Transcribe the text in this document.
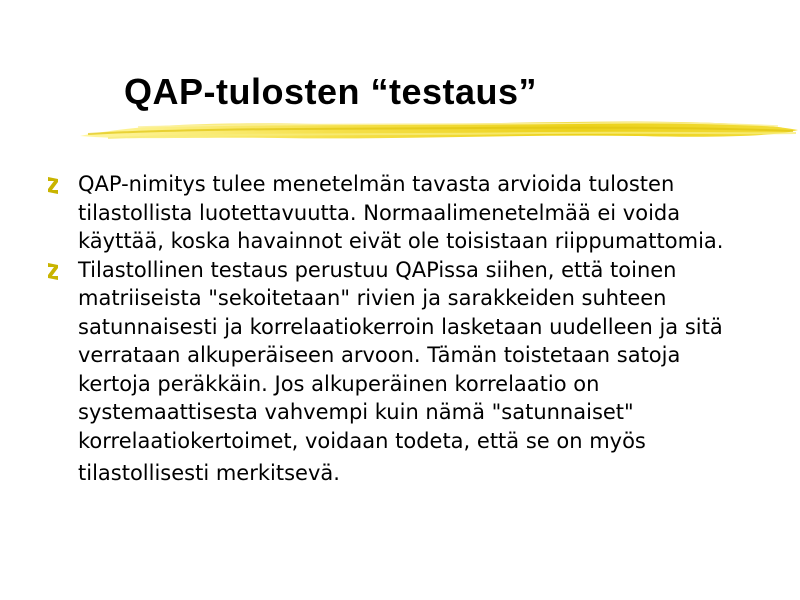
QAP-tulosten “testaus”
QAP-nimitys tulee menetelmän tavasta arvioida tulosten tilastollista luotettavuutta. Normaalimenetelmää ei voida käyttää, koska havainnot eivät ole toisistaan riippumattomia.
Tilastollinen testaus perustuu QAPissa siihen, että toinen matriiseista "sekoitetaan" rivien ja sarakkeiden suhteen satunnaisesti ja korrelaatiokerroin lasketaan uudelleen ja sitä verrataan alkuperäiseen arvoon. Tämän toistetaan satoja kertoja peräkkäin. Jos alkuperäinen korrelaatio on systemaattisesta vahvempi kuin nämä "satunnaiset" korrelaatiokertoimet, voidaan todeta, että se on myös
tilastollisesti merkitsevä.
